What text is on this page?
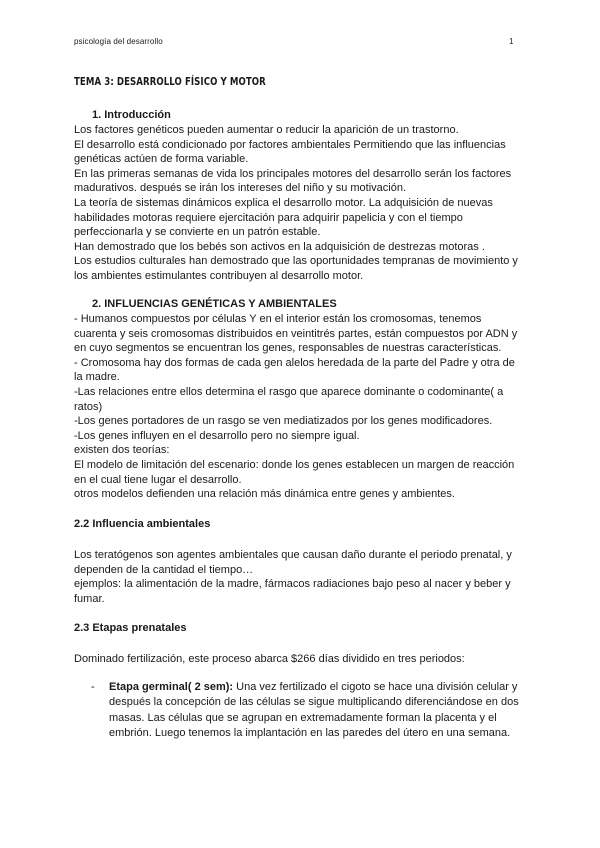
psicología del desarrollo	1
TEMA 3: DESARROLLO FÍSICO Y MOTOR
1. Introducción
Los factores genéticos pueden aumentar o reducir la aparición de un trastorno.
El desarrollo está condicionado por factores ambientales Permitiendo que las influencias
genéticas actúen de forma variable.
En las primeras semanas de vida los principales motores del desarrollo serán los factores
madurativos. después se irán los intereses del niño y su motivación.
La teoría de sistemas dinámicos explica el desarrollo motor. La adquisición de nuevas
habilidades motoras requiere ejercitación para adquirir papelicia y con el tiempo
perfeccionarla y se convierte en un patrón estable.
Han demostrado que los bebés son activos en la adquisición de destrezas motoras .
Los estudios culturales han demostrado que las oportunidades tempranas de movimiento y
los ambientes estimulantes contribuyen al desarrollo motor.
2. INFLUENCIAS GENÉTICAS Y AMBIENTALES
- Humanos compuestos por células Y en el interior están los cromosomas, tenemos
cuarenta y seis cromosomas distribuidos en veintitrés partes, están compuestos por ADN y
en cuyo segmentos se encuentran los genes, responsables de nuestras características.
- Cromosoma hay dos formas de cada gen alelos heredada de la parte del Padre y otra de
la madre.
-Las relaciones entre ellos determina el rasgo que aparece dominante o codominante( a
ratos)
-Los genes portadores de un rasgo se ven mediatizados por los genes modificadores.
-Los genes influyen en el desarrollo pero no siempre igual.
existen dos teorías:
El modelo de limitación del escenario: donde los genes establecen un margen de reacción
en el cual tiene lugar el desarrollo.
otros modelos defienden una relación más dinámica entre genes y ambientes.
2.2 Influencia ambientales
Los teratógenos son agentes ambientales que causan daño durante el periodo prenatal, y
dependen de la cantidad el tiempo…
ejemplos: la alimentación de la madre, fármacos radiaciones bajo peso al nacer y beber y
fumar.
2.3 Etapas prenatales
Dominado fertilización, este proceso abarca $266 días dividido en tres periodos:
- Etapa germinal( 2 sem): Una vez fertilizado el cigoto se hace una división celular y
después la concepción de las células se sigue multiplicando diferenciándose en dos
masas. Las células que se agrupan en extremadamente forman la placenta y el
embrión. Luego tenemos la implantación en las paredes del útero en una semana.
